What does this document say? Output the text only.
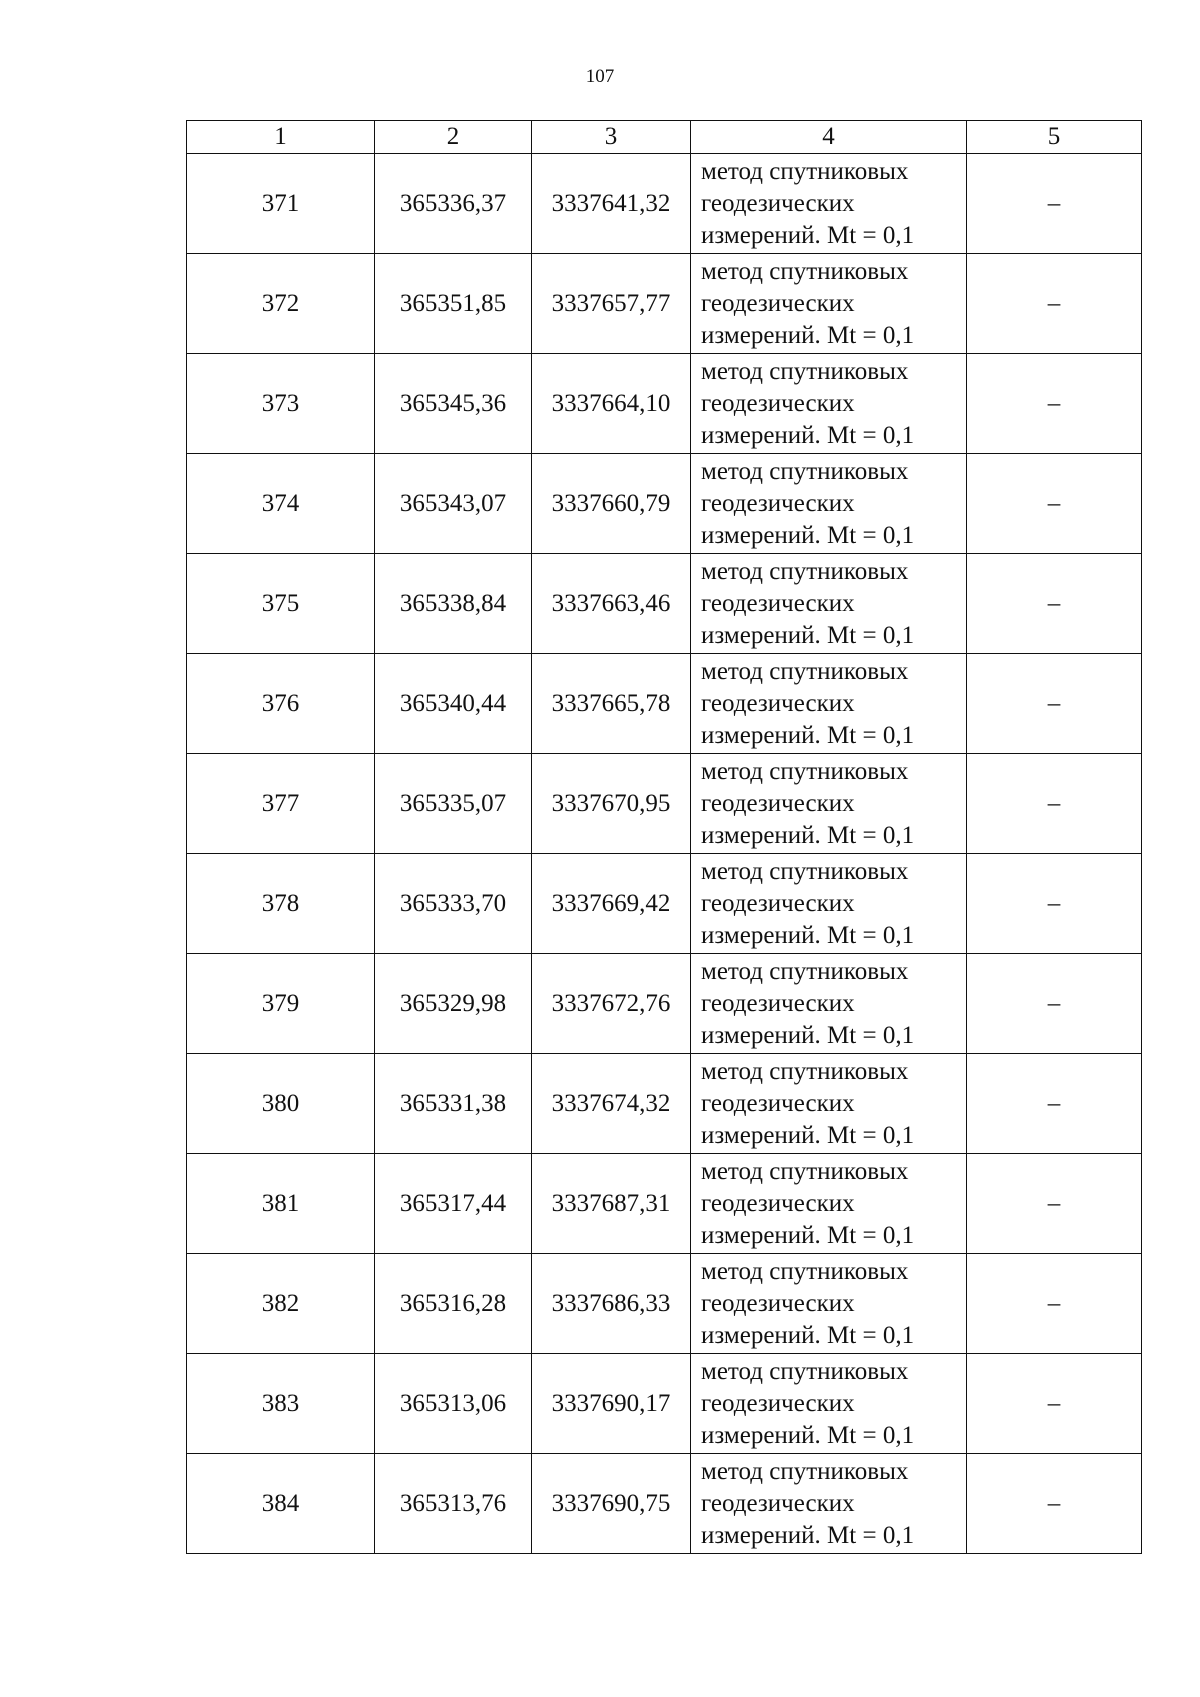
107
1	2	3	4	5
371	365336,37	3337641,32	метод спутниковых
геодезических
измерений. Mt = 0,1	–
372	365351,85	3337657,77	метод спутниковых
геодезических
измерений. Mt = 0,1	–
373	365345,36	3337664,10	метод спутниковых
геодезических
измерений. Mt = 0,1	–
374	365343,07	3337660,79	метод спутниковых
геодезических
измерений. Mt = 0,1	–
375	365338,84	3337663,46	метод спутниковых
геодезических
измерений. Mt = 0,1	–
376	365340,44	3337665,78	метод спутниковых
геодезических
измерений. Mt = 0,1	–
377	365335,07	3337670,95	метод спутниковых
геодезических
измерений. Mt = 0,1	–
378	365333,70	3337669,42	метод спутниковых
геодезических
измерений. Mt = 0,1	–
379	365329,98	3337672,76	метод спутниковых
геодезических
измерений. Mt = 0,1	–
380	365331,38	3337674,32	метод спутниковых
геодезических
измерений. Mt = 0,1	–
381	365317,44	3337687,31	метод спутниковых
геодезических
измерений. Mt = 0,1	–
382	365316,28	3337686,33	метод спутниковых
геодезических
измерений. Mt = 0,1	–
383	365313,06	3337690,17	метод спутниковых
геодезических
измерений. Mt = 0,1	–
384	365313,76	3337690,75	метод спутниковых
геодезических
измерений. Mt = 0,1	–
